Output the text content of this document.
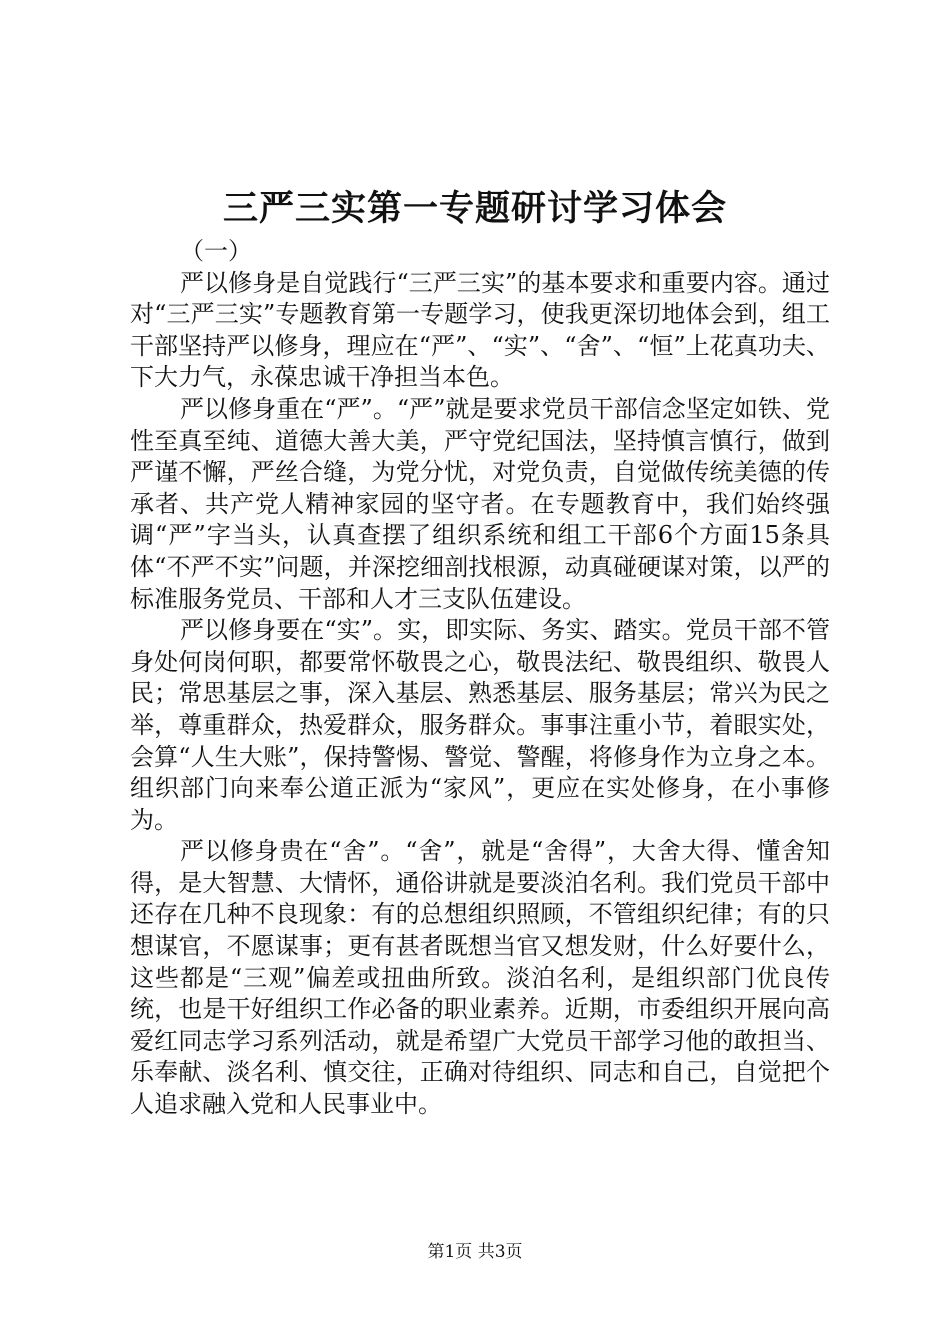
三严三实第一专题研讨学习体会

（一）

严以修身是自觉践行“三严三实”的基本要求和重要内容。通过对“三严三实”专题教育第一专题学习，使我更深切地体会到，组工干部坚持严以修身，理应在“严”、“实”、“舍”、“恒”上花真功夫、下大力气，永葆忠诚干净担当本色。

严以修身重在“严”。“严”就是要求党员干部信念坚定如铁、党性至真至纯、道德大善大美，严守党纪国法，坚持慎言慎行，做到严谨不懈，严丝合缝，为党分忧，对党负责，自觉做传统美德的传承者、共产党人精神家园的坚守者。在专题教育中，我们始终强调“严”字当头，认真查摆了组织系统和组工干部6个方面15条具体“不严不实”问题，并深挖细剖找根源，动真碰硬谋对策，以严的标准服务党员、干部和人才三支队伍建设。

严以修身要在“实”。实，即实际、务实、踏实。党员干部不管身处何岗何职，都要常怀敬畏之心，敬畏法纪、敬畏组织、敬畏人民；常思基层之事，深入基层、熟悉基层、服务基层；常兴为民之举，尊重群众，热爱群众，服务群众。事事注重小节，着眼实处，会算“人生大账”，保持警惕、警觉、警醒，将修身作为立身之本。组织部门向来奉公道正派为“家风”，更应在实处修身，在小事修为。

严以修身贵在“舍”。“舍”，就是“舍得”，大舍大得、懂舍知得，是大智慧、大情怀，通俗讲就是要淡泊名利。我们党员干部中还存在几种不良现象：有的总想组织照顾，不管组织纪律；有的只想谋官，不愿谋事；更有甚者既想当官又想发财，什么好要什么，这些都是“三观”偏差或扭曲所致。淡泊名利，是组织部门优良传统，也是干好组织工作必备的职业素养。近期，市委组织开展向高爱红同志学习系列活动，就是希望广大党员干部学习他的敢担当、乐奉献、淡名利、慎交往，正确对待组织、同志和自己，自觉把个人追求融入党和人民事业中。

第1页 共3页
